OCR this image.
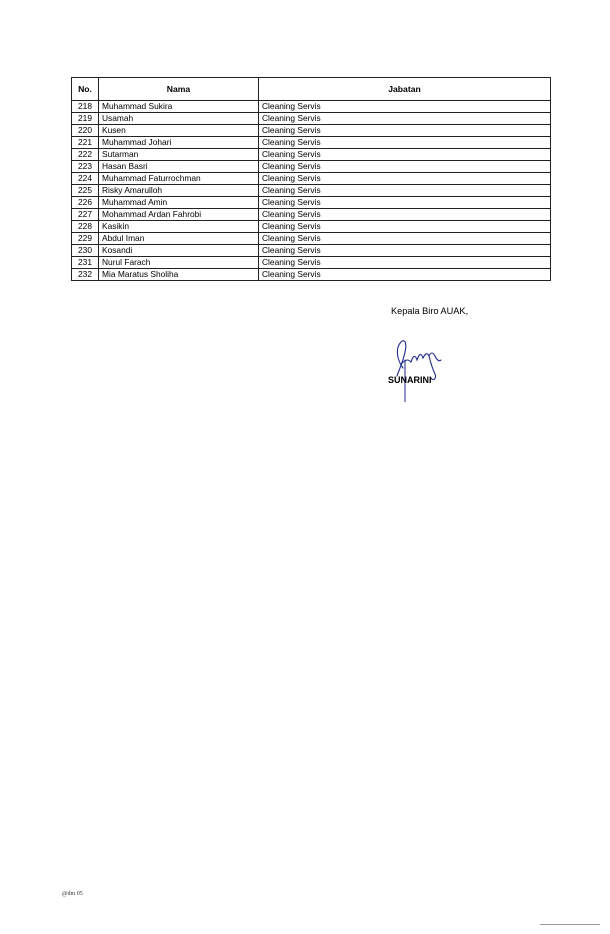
No.	Nama	Jabatan
218	Muhammad Sukira	Cleaning Servis
219	Usamah	Cleaning Servis
220	Kusen	Cleaning Servis
221	Muhammad Johari	Cleaning Servis
222	Sutarman	Cleaning Servis
223	Hasan Basri	Cleaning Servis
224	Muhammad Faturrochman	Cleaning Servis
225	Risky Amarulloh	Cleaning Servis
226	Muhammad Amin	Cleaning Servis
227	Mohammad Ardan Fahrobi	Cleaning Servis
228	Kasikin	Cleaning Servis
229	Abdul Iman	Cleaning Servis
230	Kosandi	Cleaning Servis
231	Nurul Farach	Cleaning Servis
232	Mia Maratus Sholiha	Cleaning Servis
Kepala Biro AUAK,
SUNARINI
@dm 05
